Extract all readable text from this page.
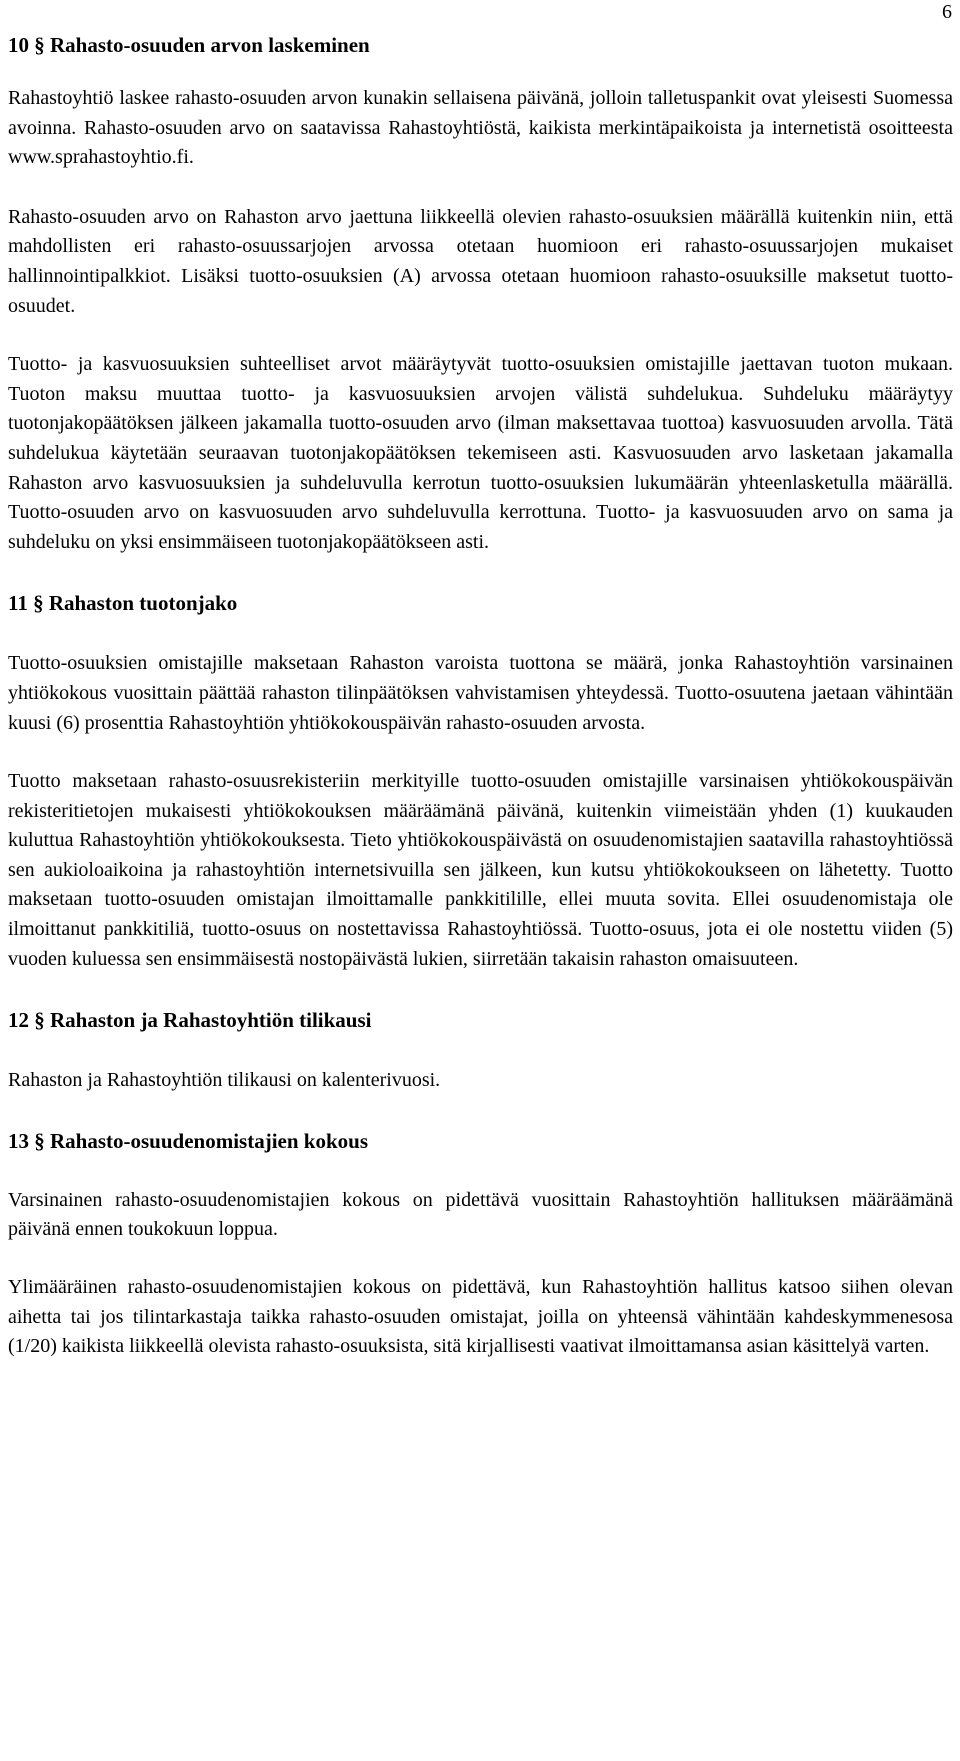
6
10 § Rahasto-osuuden arvon laskeminen

Rahastoyhtiö laskee rahasto-osuuden arvon kunakin sellaisena päivänä, jolloin talletuspankit ovat yleisesti Suomessa avoinna. Rahasto-osuuden arvo on saatavissa Rahastoyhtiöstä, kaikista merkintäpaikoista ja internetistä osoitteesta www.sprahastoyhtio.fi.

Rahasto-osuuden arvo on Rahaston arvo jaettuna liikkeellä olevien rahasto-osuuksien määrällä kuitenkin niin, että mahdollisten eri rahasto-osuussarjojen arvossa otetaan huomioon eri rahasto-osuussarjojen mukaiset hallinnointipalkkiot. Lisäksi tuotto-osuuksien (A) arvossa otetaan huomioon rahasto-osuuksille maksetut tuotto-osuudet.

Tuotto- ja kasvuosuuksien suhteelliset arvot määräytyvät tuotto-osuuksien omistajille jaettavan tuoton mukaan. Tuoton maksu muuttaa tuotto- ja kasvuosuuksien arvojen välistä suhdelukua. Suhdeluku määräytyy tuotonjakopäätöksen jälkeen jakamalla tuotto-osuuden arvo (ilman maksettavaa tuottoa) kasvuosuuden arvolla. Tätä suhdelukua käytetään seuraavan tuotonjakopäätöksen tekemiseen asti. Kasvuosuuden arvo lasketaan jakamalla Rahaston arvo kasvuosuuksien ja suhdeluvulla kerrotun tuotto-osuuksien lukumäärän yhteenlasketulla määrällä. Tuotto-osuuden arvo on kasvuosuuden arvo suhdeluvulla kerrottuna. Tuotto- ja kasvuosuuden arvo on sama ja suhdeluku on yksi ensimmäiseen tuotonjakopäätökseen asti.

11 § Rahaston tuotonjako

Tuotto-osuuksien omistajille maksetaan Rahaston varoista tuottona se määrä, jonka Rahastoyhtiön varsinainen yhtiökokous vuosittain päättää rahaston tilinpäätöksen vahvistamisen yhteydessä. Tuotto-osuutena jaetaan vähintään kuusi (6) prosenttia Rahastoyhtiön yhtiökokouspäivän rahasto-osuuden arvosta.

Tuotto maksetaan rahasto-osuusrekisteriin merkityille tuotto-osuuden omistajille varsinaisen yhtiökokouspäivän rekisteritietojen mukaisesti yhtiökokouksen määräämänä päivänä, kuitenkin viimeistään yhden (1) kuukauden kuluttua Rahastoyhtiön yhtiökokouksesta. Tieto yhtiökokouspäivästä on osuudenomistajien saatavilla rahastoyhtiössä sen aukioloaikoina ja rahastoyhtiön internetsivuilla sen jälkeen, kun kutsu yhtiökokoukseen on lähetetty. Tuotto maksetaan tuotto-osuuden omistajan ilmoittamalle pankkitilille, ellei muuta sovita. Ellei osuudenomistaja ole ilmoittanut pankkitiliä, tuotto-osuus on nostettavissa Rahastoyhtiössä. Tuotto-osuus, jota ei ole nostettu viiden (5) vuoden kuluessa sen ensimmäisestä nostopäivästä lukien, siirretään takaisin rahaston omaisuuteen.

12 § Rahaston ja Rahastoyhtiön tilikausi

Rahaston ja Rahastoyhtiön tilikausi on kalenterivuosi.

13 § Rahasto-osuudenomistajien kokous

Varsinainen rahasto-osuudenomistajien kokous on pidettävä vuosittain Rahastoyhtiön hallituksen määräämänä päivänä ennen toukokuun loppua.

Ylimääräinen rahasto-osuudenomistajien kokous on pidettävä, kun Rahastoyhtiön hallitus katsoo siihen olevan aihetta tai jos tilintarkastaja taikka rahasto-osuuden omistajat, joilla on yhteensä vähintään kahdeskymmenesosa (1/20) kaikista liikkeellä olevista rahasto-osuuksista, sitä kirjallisesti vaativat ilmoittamansa asian käsittelyä varten.
